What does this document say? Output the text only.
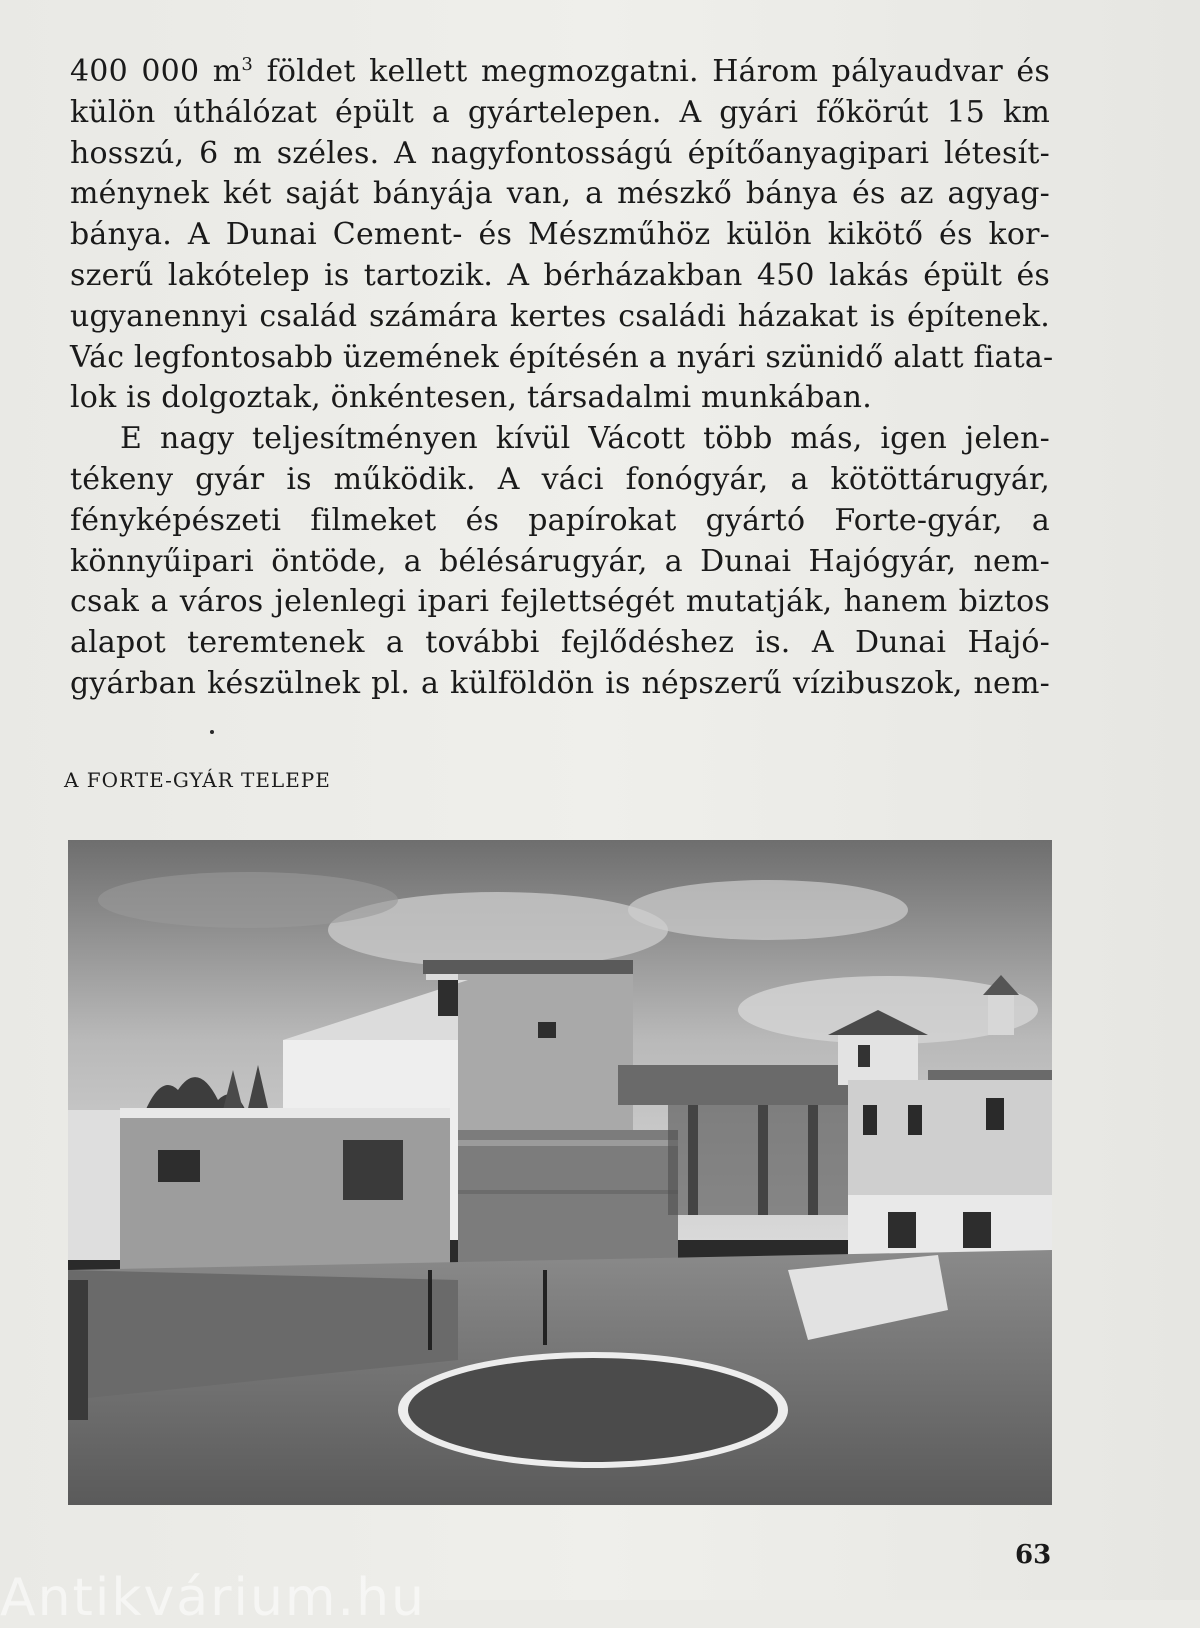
400 000 $m^3$ földet kellett megmozgatni. Három pályaudvar és
külön úthálózat épült a gyártelepen. A gyári főkörút 15 km
hosszú, 6 m széles. A nagyfontosságú építőanyagipari létesít-
ménynek két saját bányája van, a mészkő bánya és az agyag-
bánya. A Dunai Cement- és Mészműhöz külön kikötő és kor-
szerű lakótelep is tartozik. A bérházakban 450 lakás épült és
ugyanennyi család számára kertes családi házakat is építenek.
Vác legfontosabb üzemének építésén a nyári szünidő alatt fiata-
lok is dolgoztak, önkéntesen, társadalmi munkában.
E nagy teljesítményen kívül Vácott több más, igen jelen-
tékeny gyár is működik. A váci fonógyár, a kötöttárugyár,
fényképészeti filmeket és papírokat gyártó Forte-gyár, a
könnyűipari öntöde, a bélésárugyár, a Dunai Hajógyár, nem-
csak a város jelenlegi ipari fejlettségét mutatják, hanem biztos
alapot teremtenek a további fejlődéshez is. A Dunai Hajó-
gyárban készülnek pl. a külföldön is népszerű vízibuszok, nem-
A FORTE-GYÁR TELEPE
63
Antikvárium.hu
